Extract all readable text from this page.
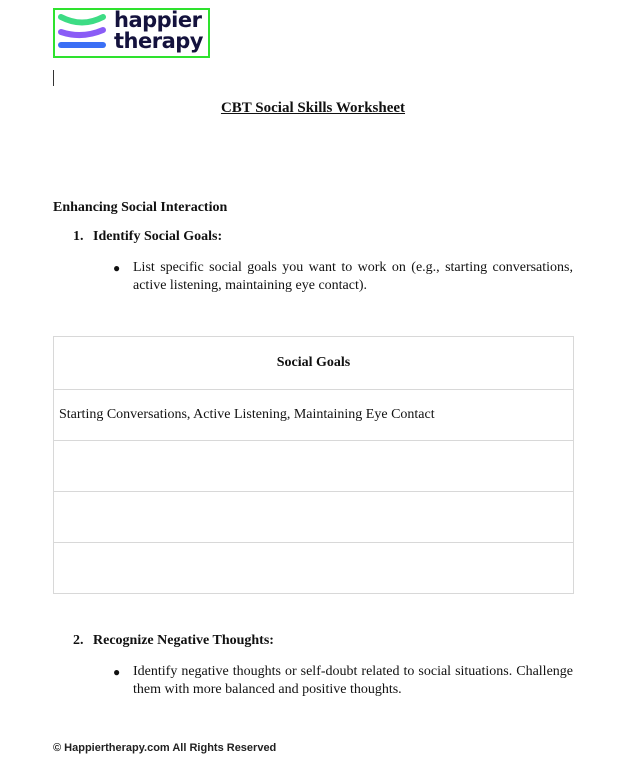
happier
therapy
CBT Social Skills Worksheet
Enhancing Social Interaction
1. Identify Social Goals:
● List specific social goals you want to work on (e.g., starting conversations, active listening, maintaining eye contact).
Social Goals
Starting Conversations, Active Listening, Maintaining Eye Contact

2. Recognize Negative Thoughts:
● Identify negative thoughts or self-doubt related to social situations. Challenge them with more balanced and positive thoughts.
© Happiertherapy.com All Rights Reserved
